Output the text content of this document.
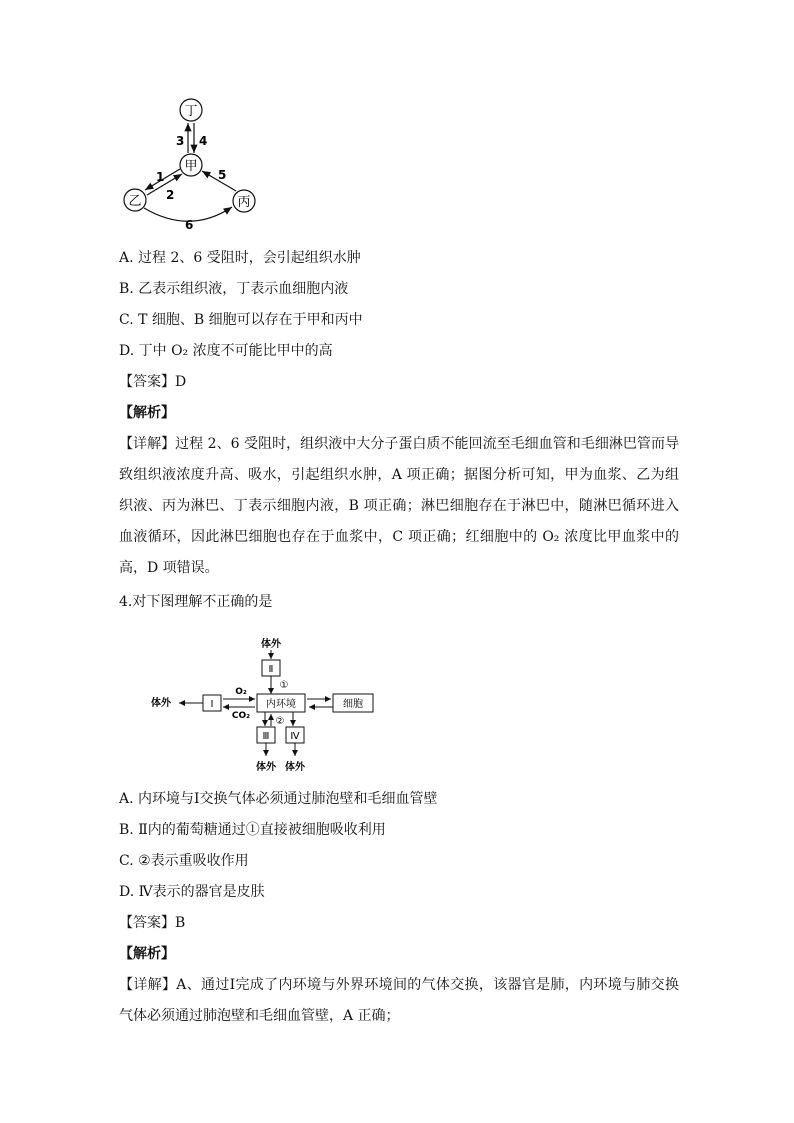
丁
甲
乙	丙
3 4
1
2
5
6
A. 过程 2、6 受阻时，会引起组织水肿
B. 乙表示组织液，丁表示血细胞内液
C. T 细胞、B 细胞可以存在于甲和丙中
D. 丁中 O₂ 浓度不可能比甲中的高
【答案】D
【解析】
【详解】过程 2、6 受阻时，组织液中大分子蛋白质不能回流至毛细血管和毛细淋巴管而导致组织液浓度升高、吸水，引起组织水肿，A 项正确；据图分析可知，甲为血浆、乙为组织液、丙为淋巴、丁表示细胞内液，B 项正确；淋巴细胞存在于淋巴中，随淋巴循环进入血液循环，因此淋巴细胞也存在于血浆中，C 项正确；红细胞中的 O₂ 浓度比甲血浆中的高，D 项错误。
4.对下图理解不正确的是
体外
Ⅱ
①
体外	Ⅰ
O₂
CO₂
内环境	细胞
②
Ⅲ Ⅳ
体外 体外
A. 内环境与Ⅰ交换气体必须通过肺泡壁和毛细血管壁
B. Ⅱ内的葡萄糖通过①直接被细胞吸收利用
C. ②表示重吸收作用
D. Ⅳ表示的器官是皮肤
【答案】B
【解析】
【详解】A、通过Ⅰ完成了内环境与外界环境间的气体交换，该器官是肺，内环境与肺交换气体必须通过肺泡壁和毛细血管壁，A 正确；
